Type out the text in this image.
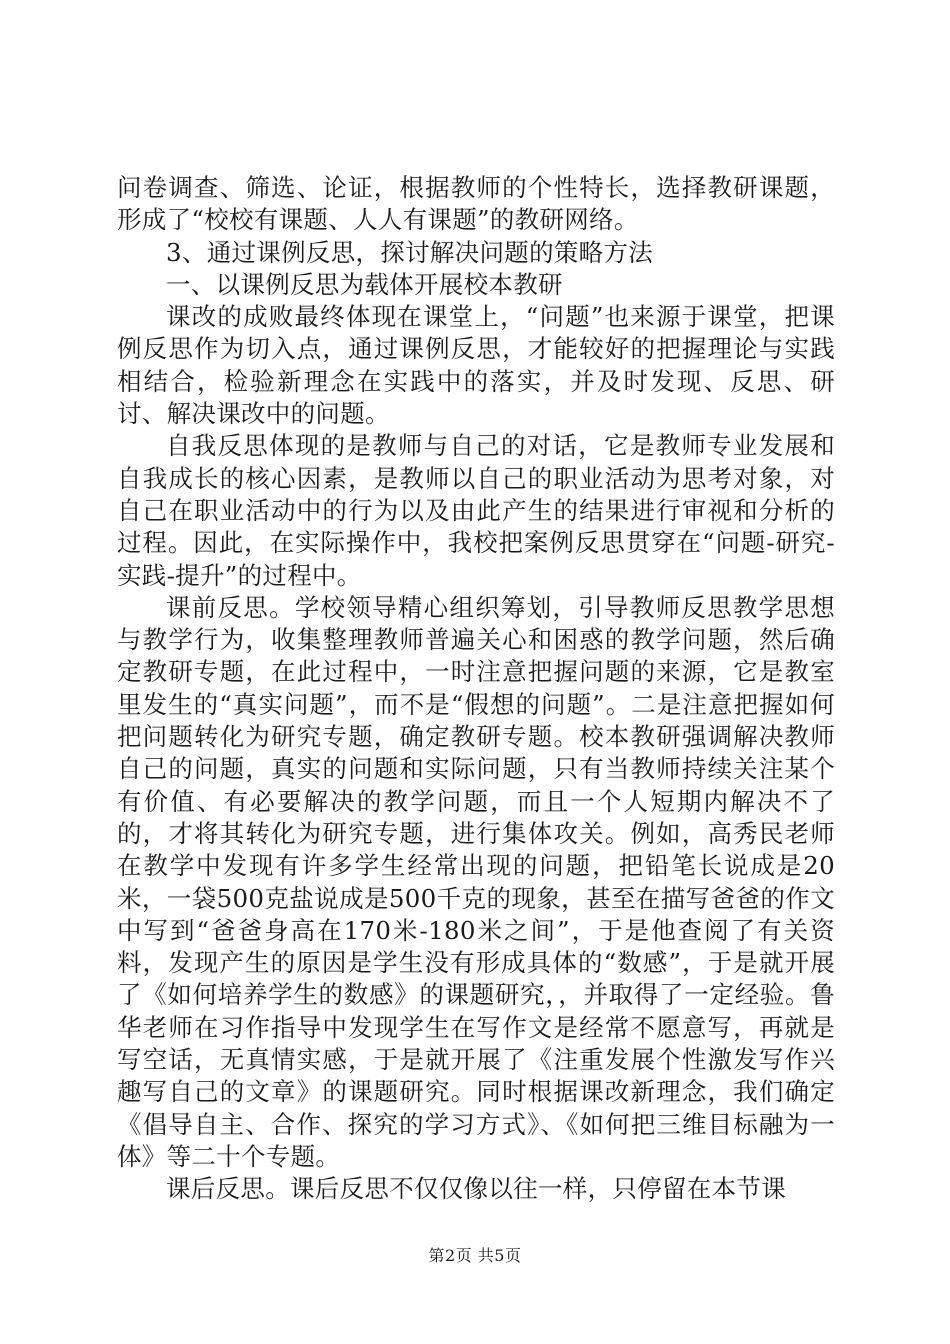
问卷调查、筛选、论证，根据教师的个性特长，选择教研课题，形成了“校校有课题、人人有课题”的教研网络。

3、通过课例反思，探讨解决问题的策略方法

一、以课例反思为载体开展校本教研

课改的成败最终体现在课堂上，“问题”也来源于课堂，把课例反思作为切入点，通过课例反思，才能较好的把握理论与实践相结合，检验新理念在实践中的落实，并及时发现、反思、研讨、解决课改中的问题。

自我反思体现的是教师与自己的对话，它是教师专业发展和自我成长的核心因素，是教师以自己的职业活动为思考对象，对自己在职业活动中的行为以及由此产生的结果进行审视和分析的过程。因此，在实际操作中，我校把案例反思贯穿在“问题-研究-实践-提升”的过程中。

课前反思。学校领导精心组织筹划，引导教师反思教学思想与教学行为，收集整理教师普遍关心和困惑的教学问题，然后确定教研专题，在此过程中，一时注意把握问题的来源，它是教室里发生的“真实问题”，而不是“假想的问题”。二是注意把握如何把问题转化为研究专题，确定教研专题。校本教研强调解决教师自己的问题，真实的问题和实际问题，只有当教师持续关注某个有价值、有必要解决的教学问题，而且一个人短期内解决不了的，才将其转化为研究专题，进行集体攻关。例如，高秀民老师在教学中发现有许多学生经常出现的问题，把铅笔长说成是20米，一袋500克盐说成是500千克的现象，甚至在描写爸爸的作文中写到“爸爸身高在170米-180米之间”，于是他查阅了有关资料，发现产生的原因是学生没有形成具体的“数感”，于是就开展了《如何培养学生的数感》的课题研究，，并取得了一定经验。鲁华老师在习作指导中发现学生在写作文是经常不愿意写，再就是写空话，无真情实感，于是就开展了《注重发展个性激发写作兴趣写自己的文章》的课题研究。同时根据课改新理念，我们确定《倡导自主、合作、探究的学习方式》、《如何把三维目标融为一体》等二十个专题。

课后反思。课后反思不仅仅像以往一样，只停留在本节课

第2页 共5页
